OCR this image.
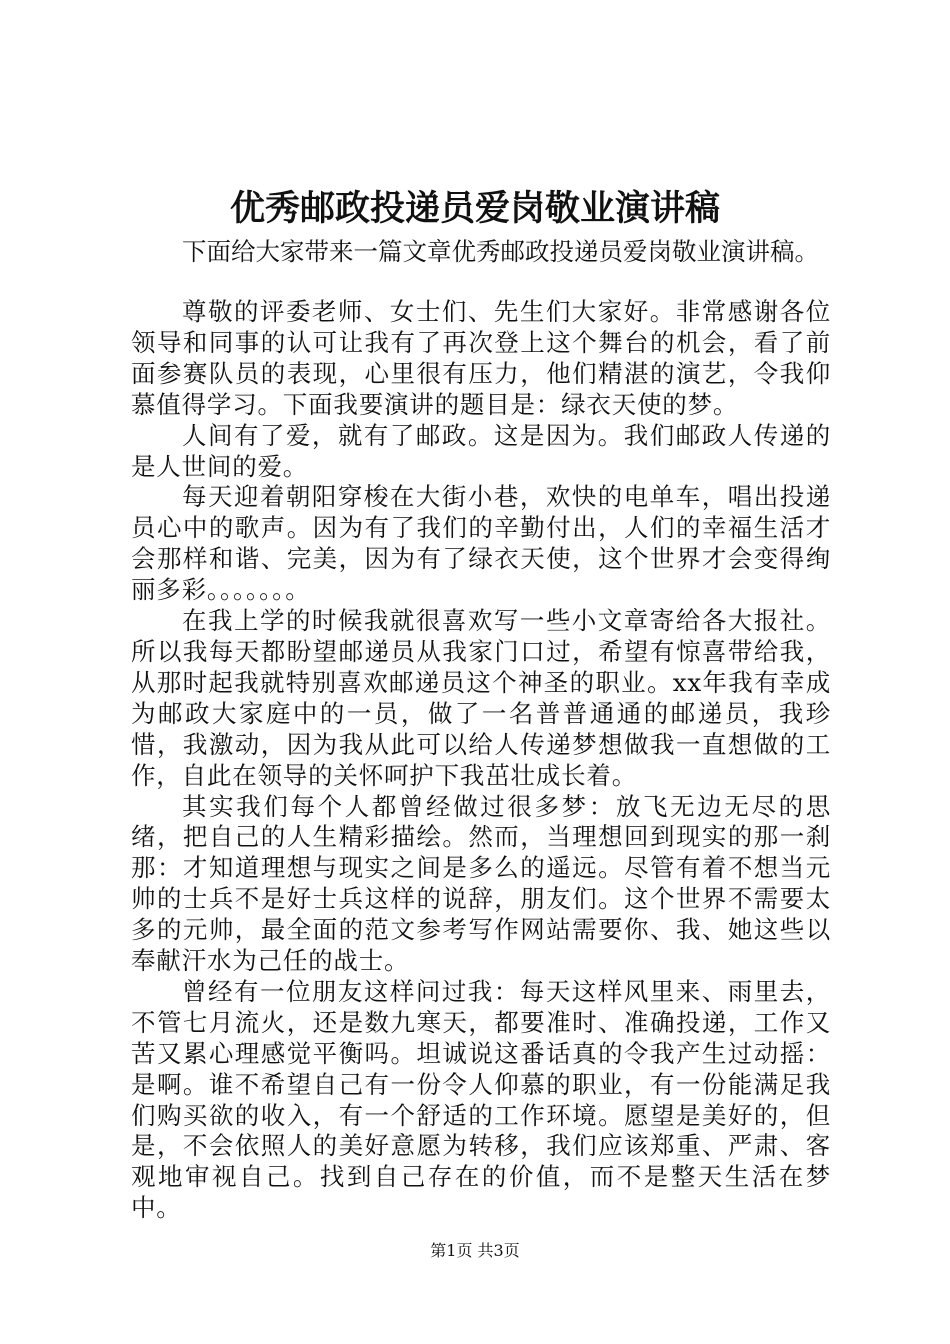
优秀邮政投递员爱岗敬业演讲稿
下面给大家带来一篇文章优秀邮政投递员爱岗敬业演讲稿。

尊敬的评委老师、女士们、先生们大家好。非常感谢各位领导和同事的认可让我有了再次登上这个舞台的机会，看了前面参赛队员的表现，心里很有压力，他们精湛的演艺，令我仰慕值得学习。下面我要演讲的题目是：绿衣天使的梦。

人间有了爱，就有了邮政。这是因为。我们邮政人传递的是人世间的爱。

每天迎着朝阳穿梭在大街小巷，欢快的电单车，唱出投递员心中的歌声。因为有了我们的辛勤付出，人们的幸福生活才会那样和谐、完美，因为有了绿衣天使，这个世界才会变得绚丽多彩。。。。。。。

在我上学的时候我就很喜欢写一些小文章寄给各大报社。所以我每天都盼望邮递员从我家门口过，希望有惊喜带给我，从那时起我就特别喜欢邮递员这个神圣的职业。xx年我有幸成为邮政大家庭中的一员，做了一名普普通通的邮递员，我珍惜，我激动，因为我从此可以给人传递梦想做我一直想做的工作，自此在领导的关怀呵护下我茁壮成长着。

其实我们每个人都曾经做过很多梦：放飞无边无尽的思绪，把自己的人生精彩描绘。然而，当理想回到现实的那一刹那：才知道理想与现实之间是多么的遥远。尽管有着不想当元帅的士兵不是好士兵这样的说辞，朋友们。这个世界不需要太多的元帅，最全面的范文参考写作网站需要你、我、她这些以奉献汗水为己任的战士。

曾经有一位朋友这样问过我：每天这样风里来、雨里去，不管七月流火，还是数九寒天，都要准时、准确投递，工作又苦又累心理感觉平衡吗。坦诚说这番话真的令我产生过动摇：是啊。谁不希望自己有一份令人仰慕的职业，有一份能满足我们购买欲的收入，有一个舒适的工作环境。愿望是美好的，但是，不会依照人的美好意愿为转移，我们应该郑重、严肃、客观地审视自己。找到自己存在的价值，而不是整天生活在梦中。

第1页 共3页
